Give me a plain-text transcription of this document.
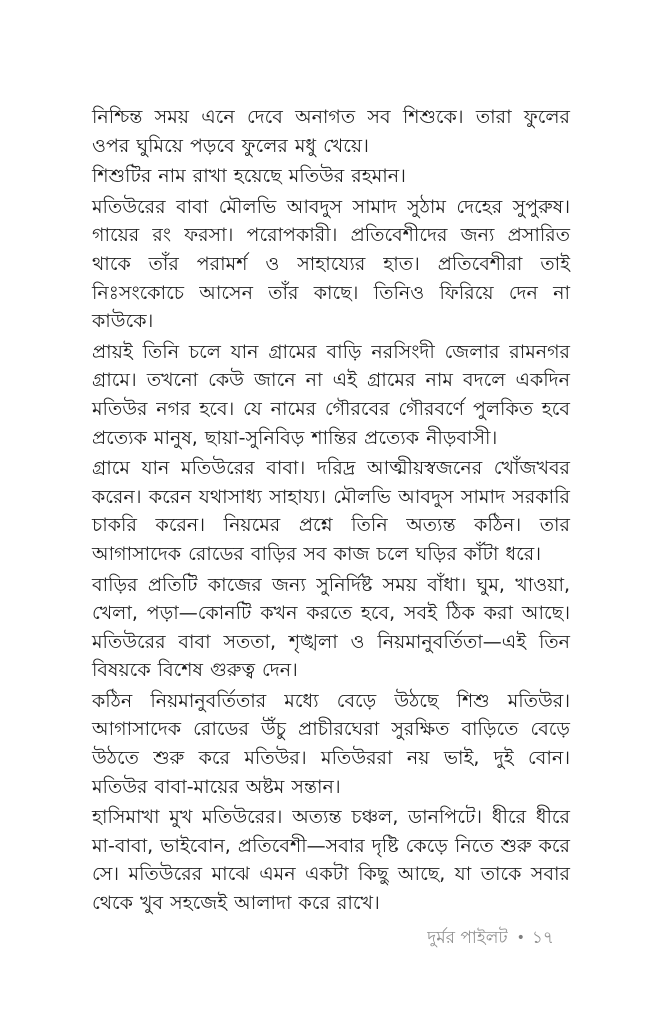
নিশ্চিন্ত সময় এনে দেবে অনাগত সব শিশুকে। তারা ফুলের ওপর ঘুমিয়ে পড়বে ফুলের মধু খেয়ে।

শিশুটির নাম রাখা হয়েছে মতিউর রহমান।

মতিউরের বাবা মৌলভি আবদুস সামাদ সুঠাম দেহের সুপুরুষ। গায়ের রং ফরসা। পরোপকারী। প্রতিবেশীদের জন্য প্রসারিত থাকে তাঁর পরামর্শ ও সাহায্যের হাত। প্রতিবেশীরা তাই নিঃসংকোচে আসেন তাঁর কাছে। তিনিও ফিরিয়ে দেন না কাউকে।

প্রায়ই তিনি চলে যান গ্রামের বাড়ি নরসিংদী জেলার রামনগর গ্রামে। তখনো কেউ জানে না এই গ্রামের নাম বদলে একদিন মতিউর নগর হবে। যে নামের গৌরবের গৌরবর্ণে পুলকিত হবে প্রত্যেক মানুষ, ছায়া-সুনিবিড় শান্তির প্রত্যেক নীড়বাসী।

গ্রামে যান মতিউরের বাবা। দরিদ্র আত্মীয়স্বজনের খোঁজখবর করেন। করেন যথাসাধ্য সাহায্য। মৌলভি আবদুস সামাদ সরকারি চাকরি করেন। নিয়মের প্রশ্নে তিনি অত্যন্ত কঠিন। তার আগাসাদেক রোডের বাড়ির সব কাজ চলে ঘড়ির কাঁটা ধরে।

বাড়ির প্রতিটি কাজের জন্য সুনির্দিষ্ট সময় বাঁধা। ঘুম, খাওয়া, খেলা, পড়া—কোনটি কখন করতে হবে, সবই ঠিক করা আছে। মতিউরের বাবা সততা, শৃঙ্খলা ও নিয়মানুবর্তিতা—এই তিন বিষয়কে বিশেষ গুরুত্ব দেন।

কঠিন নিয়মানুবর্তিতার মধ্যে বেড়ে উঠছে শিশু মতিউর। আগাসাদেক রোডের উঁচু প্রাচীরঘেরা সুরক্ষিত বাড়িতে বেড়ে উঠতে শুরু করে মতিউর। মতিউররা নয় ভাই, দুই বোন। মতিউর বাবা-মায়ের অষ্টম সন্তান।

হাসিমাখা মুখ মতিউরের। অত্যন্ত চঞ্চল, ডানপিটে। ধীরে ধীরে মা-বাবা, ভাইবোন, প্রতিবেশী—সবার দৃষ্টি কেড়ে নিতে শুরু করে সে। মতিউরের মাঝে এমন একটা কিছু আছে, যা তাকে সবার থেকে খুব সহজেই আলাদা করে রাখে।

দুর্মর পাইলট • ১৭
